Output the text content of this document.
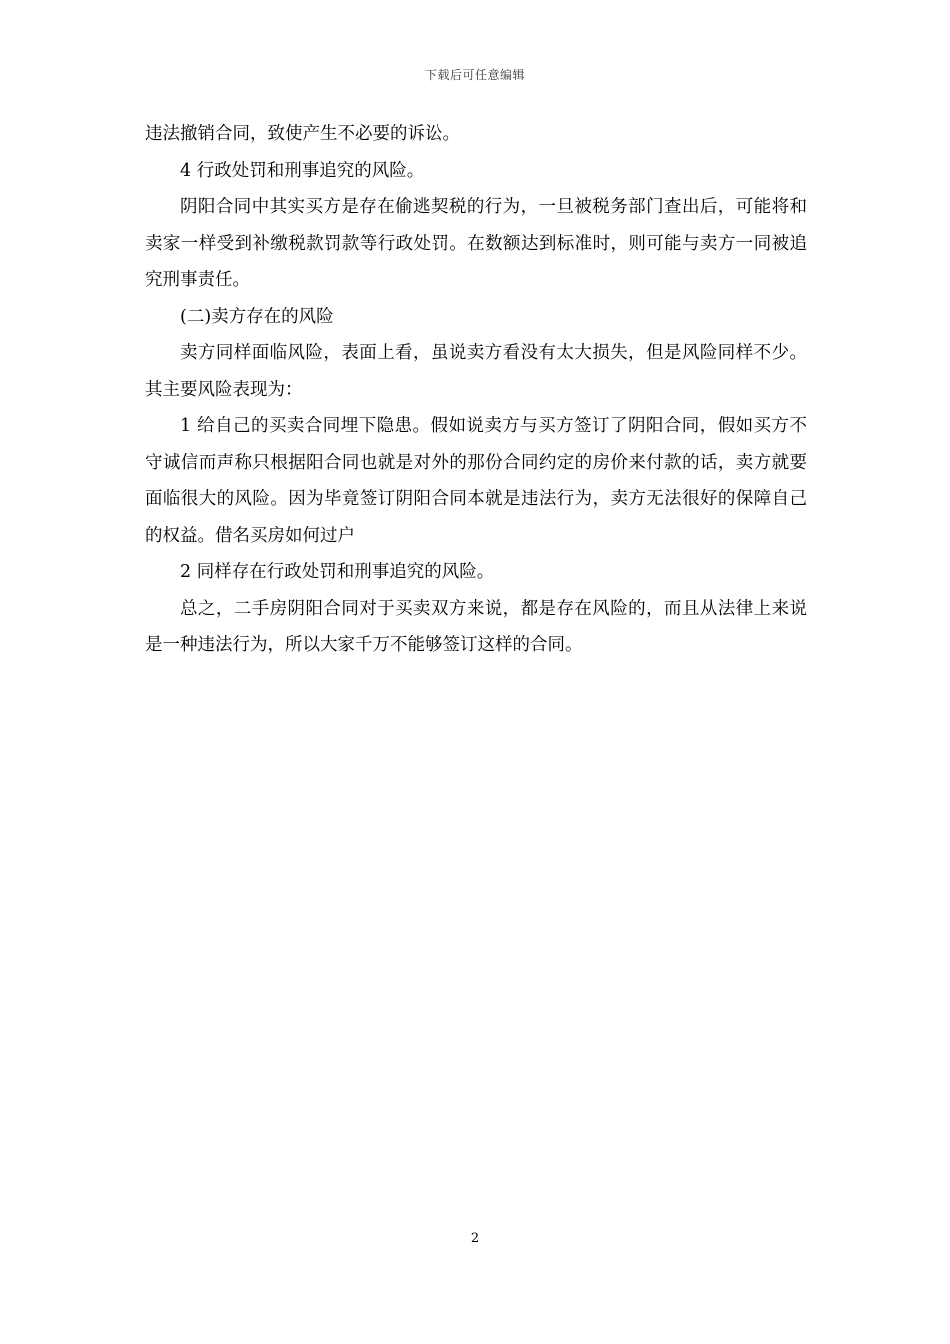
下载后可任意编辑

违法撤销合同，致使产生不必要的诉讼。

4 行政处罚和刑事追究的风险。

阴阳合同中其实买方是存在偷逃契税的行为，一旦被税务部门查出后，可能将和卖家一样受到补缴税款罚款等行政处罚。在数额达到标准时，则可能与卖方一同被追究刑事责任。

(二)卖方存在的风险

卖方同样面临风险，表面上看，虽说卖方看没有太大损失，但是风险同样不少。其主要风险表现为：

1 给自己的买卖合同埋下隐患。假如说卖方与买方签订了阴阳合同，假如买方不守诚信而声称只根据阳合同也就是对外的那份合同约定的房价来付款的话，卖方就要面临很大的风险。因为毕竟签订阴阳合同本就是违法行为，卖方无法很好的保障自己的权益。借名买房如何过户

2 同样存在行政处罚和刑事追究的风险。

总之，二手房阴阳合同对于买卖双方来说，都是存在风险的，而且从法律上来说是一种违法行为，所以大家千万不能够签订这样的合同。

2
